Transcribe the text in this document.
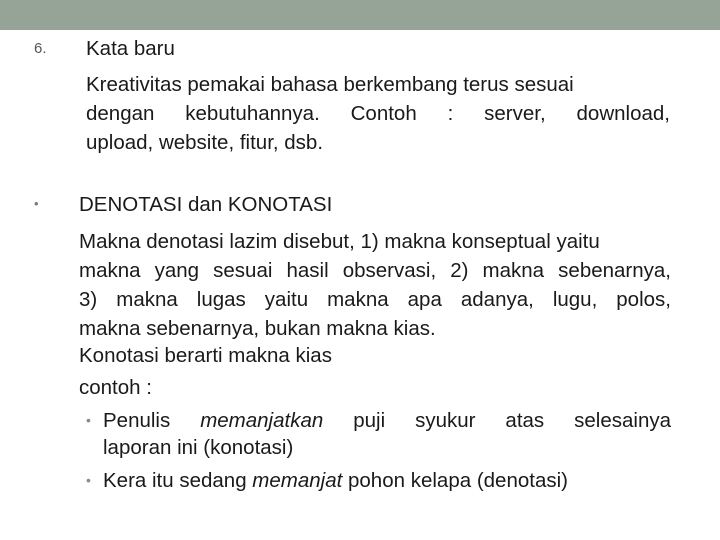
6. Kata baru
Kreativitas pemakai bahasa berkembang terus sesuai
dengan kebutuhannya. Contoh : server, download,
upload, website, fitur, dsb.
• DENOTASI dan KONOTASI
Makna denotasi lazim disebut, 1) makna konseptual yaitu
makna yang sesuai hasil observasi, 2) makna sebenarnya,
3) makna lugas yaitu makna apa adanya, lugu, polos,
makna sebenarnya, bukan makna kias.
Konotasi berarti makna kias
contoh :
• Penulis memanjatkan puji syukur atas selesainya
laporan ini (konotasi)
• Kera itu sedang memanjat pohon kelapa (denotasi)
